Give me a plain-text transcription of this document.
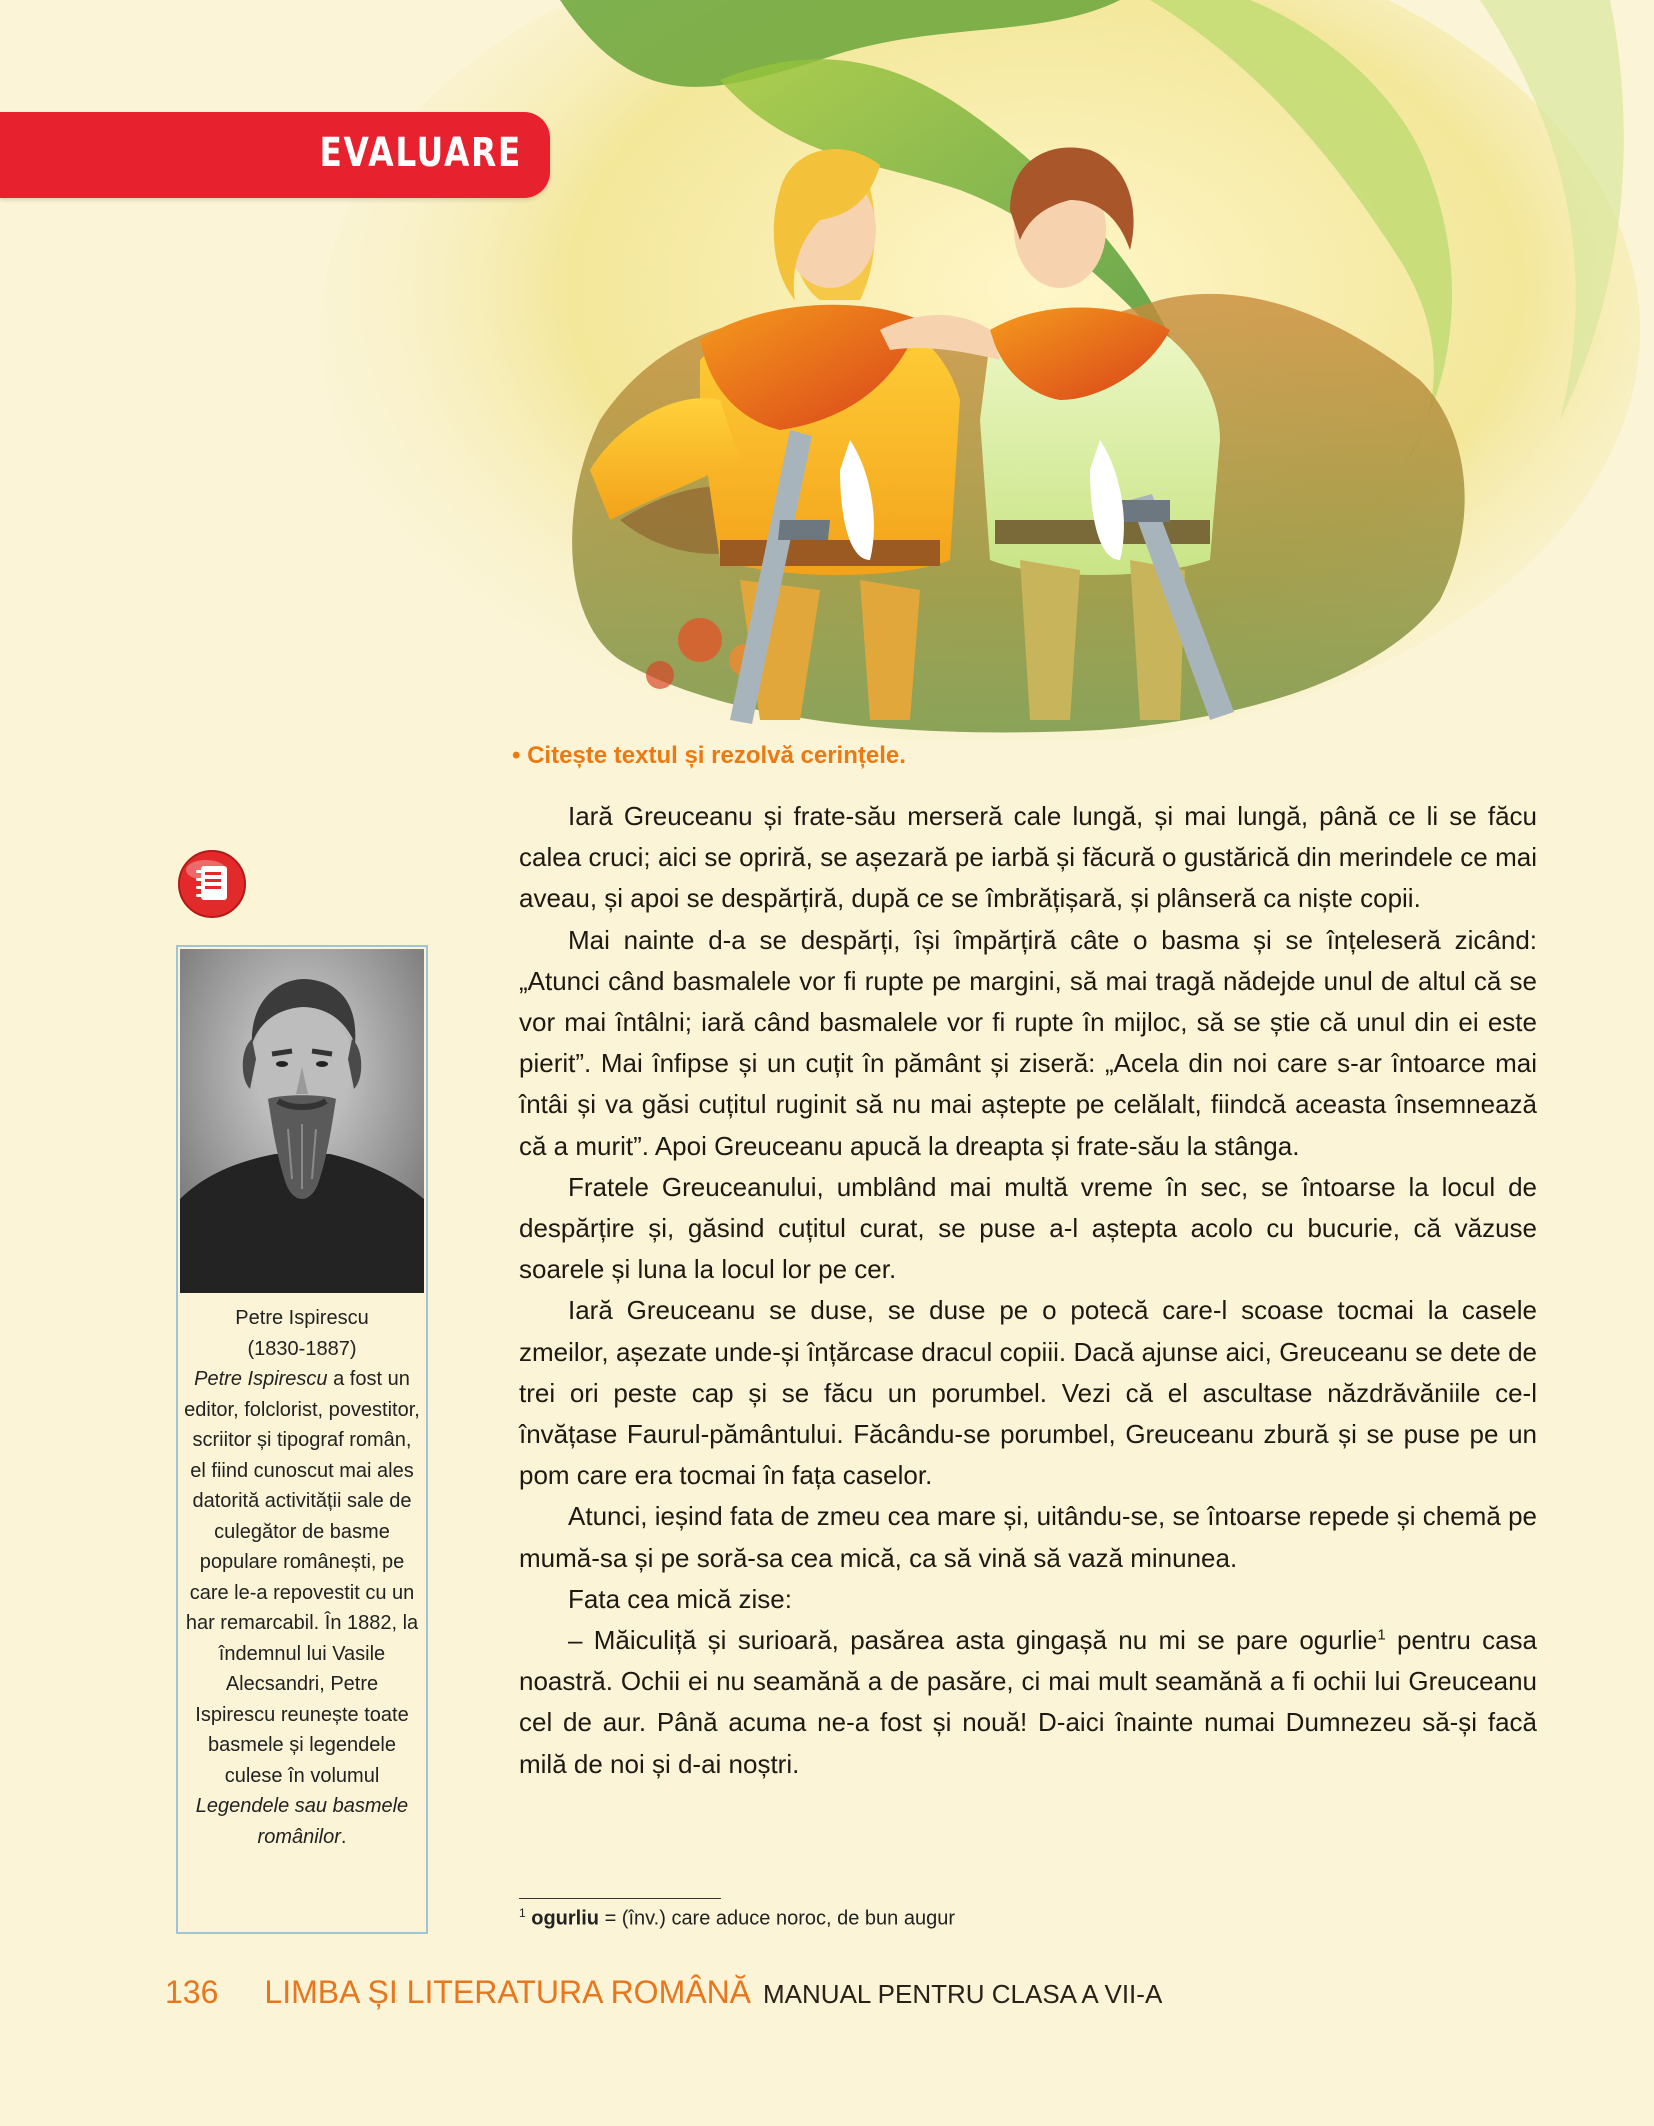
EVALUARE
• Citește textul și rezolvă cerințele.
Petre Ispirescu
(1830-1887)
Petre Ispirescu a fost un editor, folclorist, povestitor, scriitor și tipograf român, el fiind cunoscut mai ales datorită activității sale de culegător de basme populare românești, pe care le-a repovestit cu un har remarcabil. În 1882, la îndemnul lui Vasile Alecsandri, Petre Ispirescu reunește toate basmele și legendele culese în volumul Legendele sau basmele românilor.

Iară Greuceanu și frate-său merseră cale lungă, și mai lungă, până ce li se făcu calea cruci; aici se opriră, se așezară pe iarbă și făcură o gustărică din merindele ce mai aveau, și apoi se despărțiră, după ce se îmbrățișară, și plânseră ca niște copii.

Mai nainte d-a se despărți, își împărțiră câte o basma și se înțeleseră zicând: „Atunci când basmalele vor fi rupte pe margini, să mai tragă nădejde unul de altul că se vor mai întâlni; iară când basmalele vor fi rupte în mijloc, să se știe că unul din ei este pierit”. Mai înfipse și un cuțit în pământ și ziseră: „Acela din noi care s-ar întoarce mai întâi și va găsi cuțitul ruginit să nu mai aștepte pe celălalt, fiindcă aceasta însemnează că a murit”. Apoi Greuceanu apucă la dreapta și frate-său la stânga.

Fratele Greuceanului, umblând mai multă vreme în sec, se întoarse la locul de despărțire și, găsind cuțitul curat, se puse a-l aștepta acolo cu bucurie, că văzuse soarele și luna la locul lor pe cer.

Iară Greuceanu se duse, se duse pe o potecă care-l scoase tocmai la casele zmeilor, așezate unde-și înțărcase dracul copiii. Dacă ajunse aici, Greuceanu se dete de trei ori peste cap și se făcu un porumbel. Vezi că el ascultase năzdrăvăniile ce-l învățase Faurul-pământului. Făcându-se porumbel, Greuceanu zbură și se puse pe un pom care era tocmai în fața caselor.

Atunci, ieșind fata de zmeu cea mare și, uitându-se, se întoarse repede și chemă pe mumă-sa și pe soră-sa cea mică, ca să vină să vază minunea.

Fata cea mică zise:

– Măiculiță și surioară, pasărea asta gingașă nu mi se pare ogurlie$^1$ pentru casa noastră. Ochii ei nu seamănă a de pasăre, ci mai mult seamănă a fi ochii lui Greuceanu cel de aur. Până acuma ne-a fost și nouă! D-aici înainte numai Dumnezeu să-și facă milă de noi și d-ai noștri.

$^1$ ogurliu = (înv.) care aduce noroc, de bun augur
136 LIMBA ȘI LITERATURA ROMÂNĂ MANUAL PENTRU CLASA A VII-A
